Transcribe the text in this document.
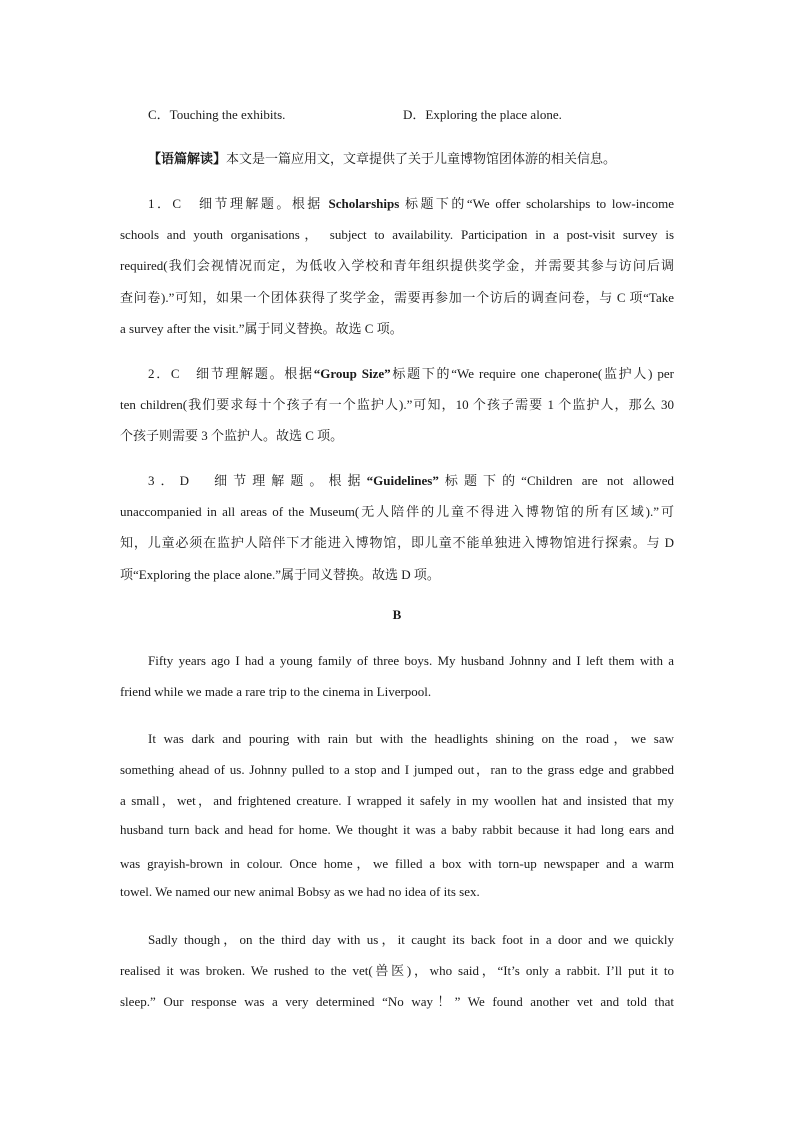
C．Touching the exhibits.	D．Exploring the place alone.
【语篇解读】本文是一篇应用文，文章提供了关于儿童博物馆团体游的相关信息。
1．C　细节理解题。根据 Scholarships 标题下的“We offer scholarships to low-income
schools and youth organisations， subject to availability. Participation in a post-visit survey is
required(我们会视情况而定，为低收入学校和青年组织提供奖学金，并需要其参与访问后调
查问卷).”可知，如果一个团体获得了奖学金，需要再参加一个访后的调查问卷，与 C 项“Take
a survey after the visit.”属于同义替换。故选 C 项。
2．C　细节理解题。根据“Group Size”标题下的“We require one chaperone(监护人) per
ten children(我们要求每十个孩子有一个监护人).”可知，10 个孩子需要 1 个监护人，那么 30
个孩子则需要 3 个监护人。故选 C 项。
3．D　细节理解题。根据“Guidelines”标题下的“Children are not allowed
unaccompanied in all areas of the Museum(无人陪伴的儿童不得进入博物馆的所有区域).”可
知，儿童必须在监护人陪伴下才能进入博物馆，即儿童不能单独进入博物馆进行探索。与 D
项“Exploring the place alone.”属于同义替换。故选 D 项。
B
Fifty years ago I had a young family of three boys. My husband Johnny and I left them with a
friend while we made a rare trip to the cinema in Liverpool.
It was dark and pouring with rain but with the headlights shining on the road，we saw
something ahead of us. Johnny pulled to a stop and I jumped out，ran to the grass edge and grabbed
a small，wet，and frightened creature. I wrapped it safely in my woollen hat and insisted that my
husband turn back and head for home. We thought it was a baby rabbit because it had long ears and
was grayish-brown in colour. Once home，we filled a box with torn-up newspaper and a warm
towel. We named our new animal Bobsy as we had no idea of its sex.
Sadly though，on the third day with us，it caught its back foot in a door and we quickly
realised it was broken. We rushed to the vet(兽医)，who said，“It’s only a rabbit. I’ll put it to
sleep.” Our response was a very determined “No way！” We found another vet and told that
